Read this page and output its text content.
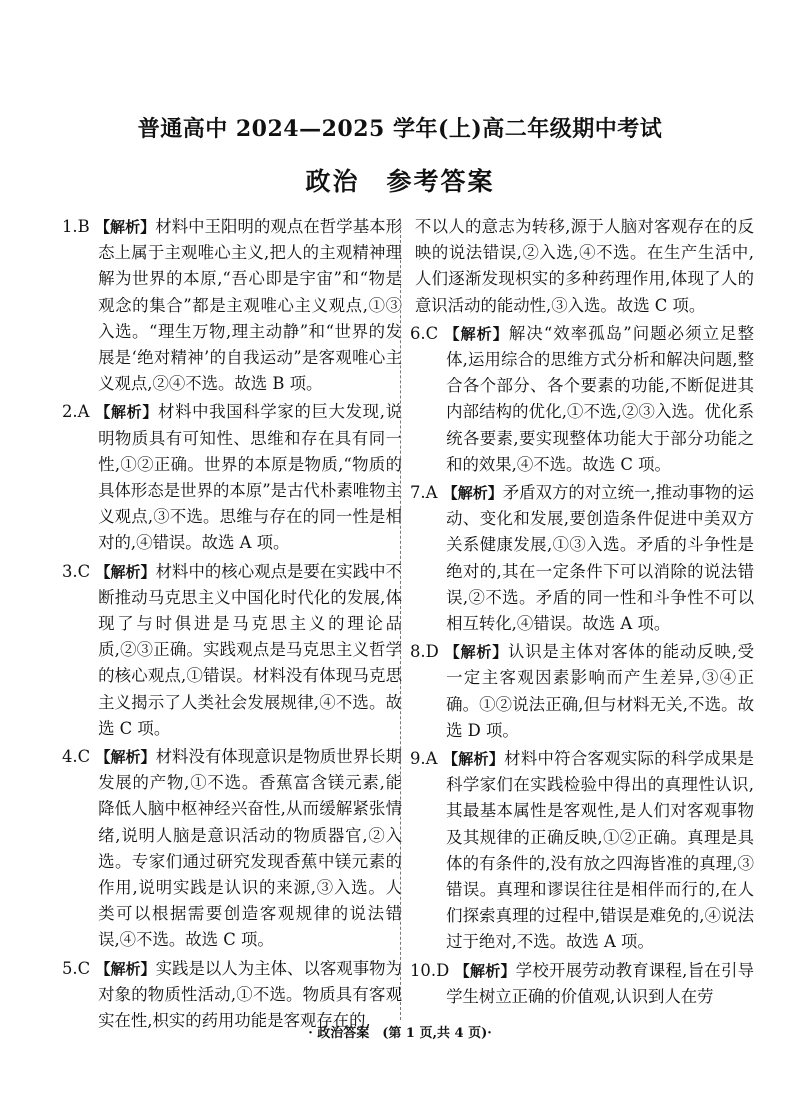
普通高中 2024—2025 学年(上)高二年级期中考试
政治　参考答案

1.B 【解析】材料中王阳明的观点在哲学基本形态上属于主观唯心主义,把人的主观精神理解为世界的本原,“吾心即是宇宙”和“物是观念的集合”都是主观唯心主义观点,①③入选。“理生万物,理主动静”和“世界的发展是‘绝对精神’的自我运动”是客观唯心主义观点,②④不选。故选 B 项。

2.A 【解析】材料中我国科学家的巨大发现,说明物质具有可知性、思维和存在具有同一性,①②正确。世界的本原是物质,“物质的具体形态是世界的本原”是古代朴素唯物主义观点,③不选。思维与存在的同一性是相对的,④错误。故选 A 项。

3.C 【解析】材料中的核心观点是要在实践中不断推动马克思主义中国化时代化的发展,体现了与时俱进是马克思主义的理论品质,②③正确。实践观点是马克思主义哲学的核心观点,①错误。材料没有体现马克思主义揭示了人类社会发展规律,④不选。故选 C 项。

4.C 【解析】材料没有体现意识是物质世界长期发展的产物,①不选。香蕉富含镁元素,能降低人脑中枢神经兴奋性,从而缓解紧张情绪,说明人脑是意识活动的物质器官,②入选。专家们通过研究发现香蕉中镁元素的作用,说明实践是认识的来源,③入选。人类可以根据需要创造客观规律的说法错误,④不选。故选 C 项。

5.C 【解析】实践是以人为主体、以客观事物为对象的物质性活动,①不选。物质具有客观实在性,枳实的药用功能是客观存在的,

不以人的意志为转移,源于人脑对客观存在的反映的说法错误,②入选,④不选。在生产生活中,人们逐渐发现枳实的多种药理作用,体现了人的意识活动的能动性,③入选。故选 C 项。

6.C 【解析】解决“效率孤岛”问题必须立足整体,运用综合的思维方式分析和解决问题,整合各个部分、各个要素的功能,不断促进其内部结构的优化,①不选,②③入选。优化系统各要素,要实现整体功能大于部分功能之和的效果,④不选。故选 C 项。

7.A 【解析】矛盾双方的对立统一,推动事物的运动、变化和发展,要创造条件促进中美双方关系健康发展,①③入选。矛盾的斗争性是绝对的,其在一定条件下可以消除的说法错误,②不选。矛盾的同一性和斗争性不可以相互转化,④错误。故选 A 项。

8.D 【解析】认识是主体对客体的能动反映,受一定主客观因素影响而产生差异,③④正确。①②说法正确,但与材料无关,不选。故选 D 项。

9.A 【解析】材料中符合客观实际的科学成果是科学家们在实践检验中得出的真理性认识,其最基本属性是客观性,是人们对客观事物及其规律的正确反映,①②正确。真理是具体的有条件的,没有放之四海皆准的真理,③错误。真理和谬误往往是相伴而行的,在人们探索真理的过程中,错误是难免的,④说法过于绝对,不选。故选 A 项。

10.D 【解析】学校开展劳动教育课程,旨在引导学生树立正确的价值观,认识到人在劳

· 政治答案　(第 1 页,共 4 页)·
